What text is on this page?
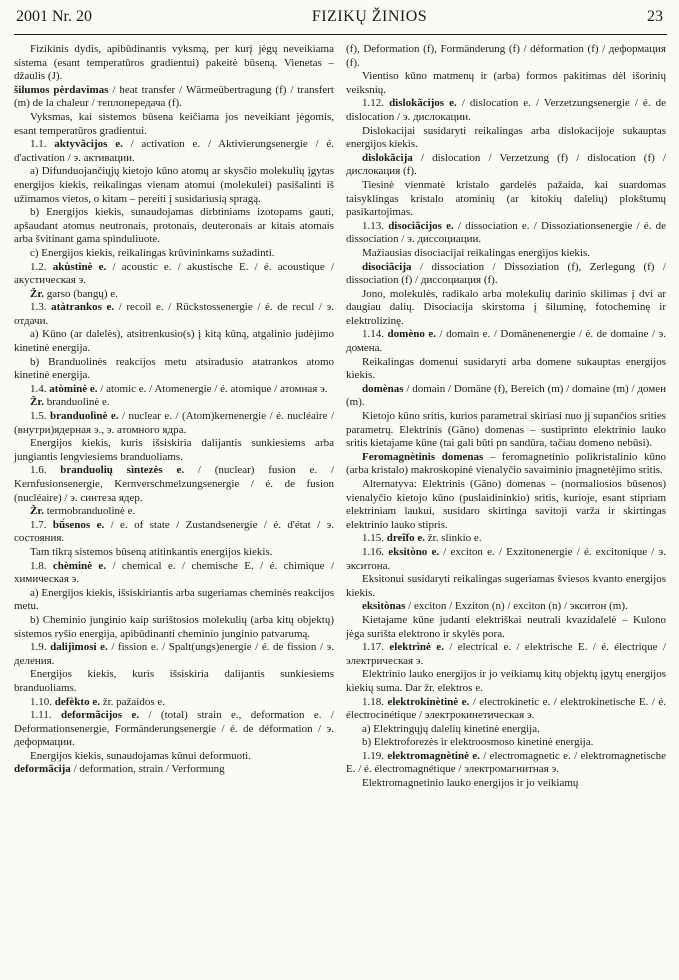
2001 Nr. 20	FIZIKŲ ŽINIOS	23

Fizikinis dydis, apibūdinantis vyksmą, per kurį jėgų neveikiama sistema (esant temperatūros gradientui) pakeitė būseną. Vienetas – džaulis (J).

šilumos pėrdavimas / heat transfer / Wärmeübertragung (f) / transfert (m) de la chaleur / теплопередача (f).

Vyksmas, kai sistemos būsena keičiama jos neveikiant jėgomis, esant temperatūros gradientui.

1.1. aktyvãcijos e. / activation e. / Aktivierungsenergie / é. d'activation / э. активации.

a) Difunduojančiųjų kietojo kūno atomų ar skysčio molekulių įgytas energijos kiekis, reikalingas vienam atomui (molekulei) pasišalinti iš užimamos vietos, o kitam – pereiti į susidariusią spragą.

b) Energijos kiekis, sunaudojamas dirbtiniams izotopams gauti, apšaudant atomus neutronais, protonais, deuteronais ar kitais atomais arba švitinant gama spinduliuote.

c) Energijos kiekis, reikalingas krūvininkams sužadinti.

1.2. akùstinė e. / acoustic e. / akustische E. / é. acoustique / акустическая э.

Žr. garso (bangų) e.

1.3. atàtrankos e. / recoil e. / Rückstossenergie / é. de recul / э. отдачи.

a) Kūno (ar dalelės), atsitrenkusio(s) į kitą kūną, atgalinio judėjimo kinetinė energija.

b) Branduolinės reakcijos metu atsiradusio atatrankos atomo kinetinė energija.

1.4. atòminė e. / atomic e. / Atomenergie / é. atomique / атомная э.

Žr. branduolinė e.

1.5. branduolìnė e. / nuclear e. / (Atom)kernenergie / é. nucléaire / (внутри)ядерная э., э. атомного ядра.

Energijos kiekis, kuris išsiskiria dalijantis sunkiesiems arba jungiantis lengviesiems branduoliams.

1.6. branduolių sìntezės e. / (nuclear) fusion e. / Kernfusionsenergie, Kernverschmelzungsenergie / é. de fusion (nucléaire) / э. синтеза ядер.

Žr. termobranduolinė e.

1.7. bū́senos e. / e. of state / Zustandsenergie / é. d'état / э. состояния.

Tam tikrą sistemos būseną atitinkantis energijos kiekis.

1.8. chèminė e. / chemical e. / chemische E. / é. chimique / химическая э.

a) Energijos kiekis, išsiskiriantis arba sugeriamas cheminės reakcijos metu.

b) Cheminio junginio kaip surištosios molekulių (arba kitų objektų) sistemos ryšio energija, apibūdinanti cheminio junginio patvarumą.

1.9. dalijìmosi e. / fission e. / Spalt(ungs)energie / é. de fission / э. деления.

Energijos kiekis, kuris išsiskiria dalijantis sunkiesiems branduoliams.

1.10. defèkto e. žr. pažaidos e.

1.11. deformãcijos e. / (total) strain e., deformation e. / Deformationsenergie, Formänderungsenergie / é. de déformation / э. деформации.

Energijos kiekis, sunaudojamas kūnui deformuoti.

deformãcija / deformation, strain / Verformung

(f), Deformation (f), Formänderung (f) / déformation (f) / деформация (f).

Vientiso kūno matmenų ir (arba) formos pakitimas dėl išorinių veiksnių.

1.12. dislokãcijos e. / dislocation e. / Verzetzungsenergie / é. de dislocation / э. дислокации.

Dislokacijai susidaryti reikalingas arba dislokacijoje sukauptas energijos kiekis.

dislokãcija / dislocation / Verzetzung (f) / dislocation (f) / дислокация (f).

Tiesinė vienmatė kristalo gardelės pažaida, kai suardomas taisyklingas kristalo atominių (ar kitokių dalelių) plokštumų pasikartojimas.

1.13. disociãcijos e. / dissociation e. / Dissoziationsenergie / é. de dissociation / э. диссоциации.

Mažiausias disociacijai reikalingas energijos kiekis.

disociãcija / dissociation / Dissoziation (f), Zerlegung (f) / dissociation (f) / диссоциация (f).

Jono, molekulės, radikalo arba molekulių darinio skilimas į dvi ar daugiau dalių. Disociacija skirstoma į šiluminę, fotocheminę ir elektrolizinę.

1.14. domèno e. / domain e. / Domänenenergie / é. de domaine / э. домена.

Reikalingas domenui susidaryti arba domene sukauptas energijos kiekis.

domènas / domain / Domäne (f), Bereich (m) / domaine (m) / домен (m).

Kietojo kūno sritis, kurios parametrai skiriasi nuo jį supančios srities parametrų. Elektrinis (Gãno) domenas – sustiprinto elektrinio lauko sritis kietajame kūne (tai gali būti pn sandūra, tačiau domeno nebūsi).

Feromagnètinis domenas – feromagnetinio polikristalinio kūno (arba kristalo) makroskopinė vienalyčio savaiminio įmagnetėjimo sritis.

Alternatyva: Elektrinis (Gãno) domenas – (normaliosios būsenos) vienalyčio kietojo kūno (puslaidininkio) sritis, kurioje, esant stipriam elektriniam laukui, susidaro skirtinga savitoji varža ir skirtingas elektrinio lauko stipris.

1.15. dreĩfo e. žr. slinkio e.

1.16. eksitòno e. / exciton e. / Exzitonenergie / é. excitonique / э. экситона.

Eksitonui susidaryti reikalingas sugeriamas šviesos kvanto energijos kiekis.

eksitònas / exciton / Exziton (n) / exciton (n) / экситон (m).

Kietajame kūne judanti elektriškai neutrali kvazidalelė – Kulono jėga surišta elektrono ir skylės pora.

1.17. elektrìnė e. / electrical e. / elektrische E. / é. électrique / электрическая э.

Elektrinio lauko energijos ir jo veikiamų kitų objektų įgytų energijos kiekių suma. Dar žr. elektros e.

1.18. elektrokinètinė e. / electrokinetic e. / elektrokinetische E. / é. électrocinétique / электрокинетическая э.

a) Elektringųjų dalelių kinetinė energija.

b) Elektroforezės ir elektroosmoso kinetinė energija.

1.19. elektromagnètinė e. / electromagnetic e. / elektromagnetische E. / é. électromagnétique / электромагнитная э.

Elektromagnetinio lauko energijos ir jo veikiamų
